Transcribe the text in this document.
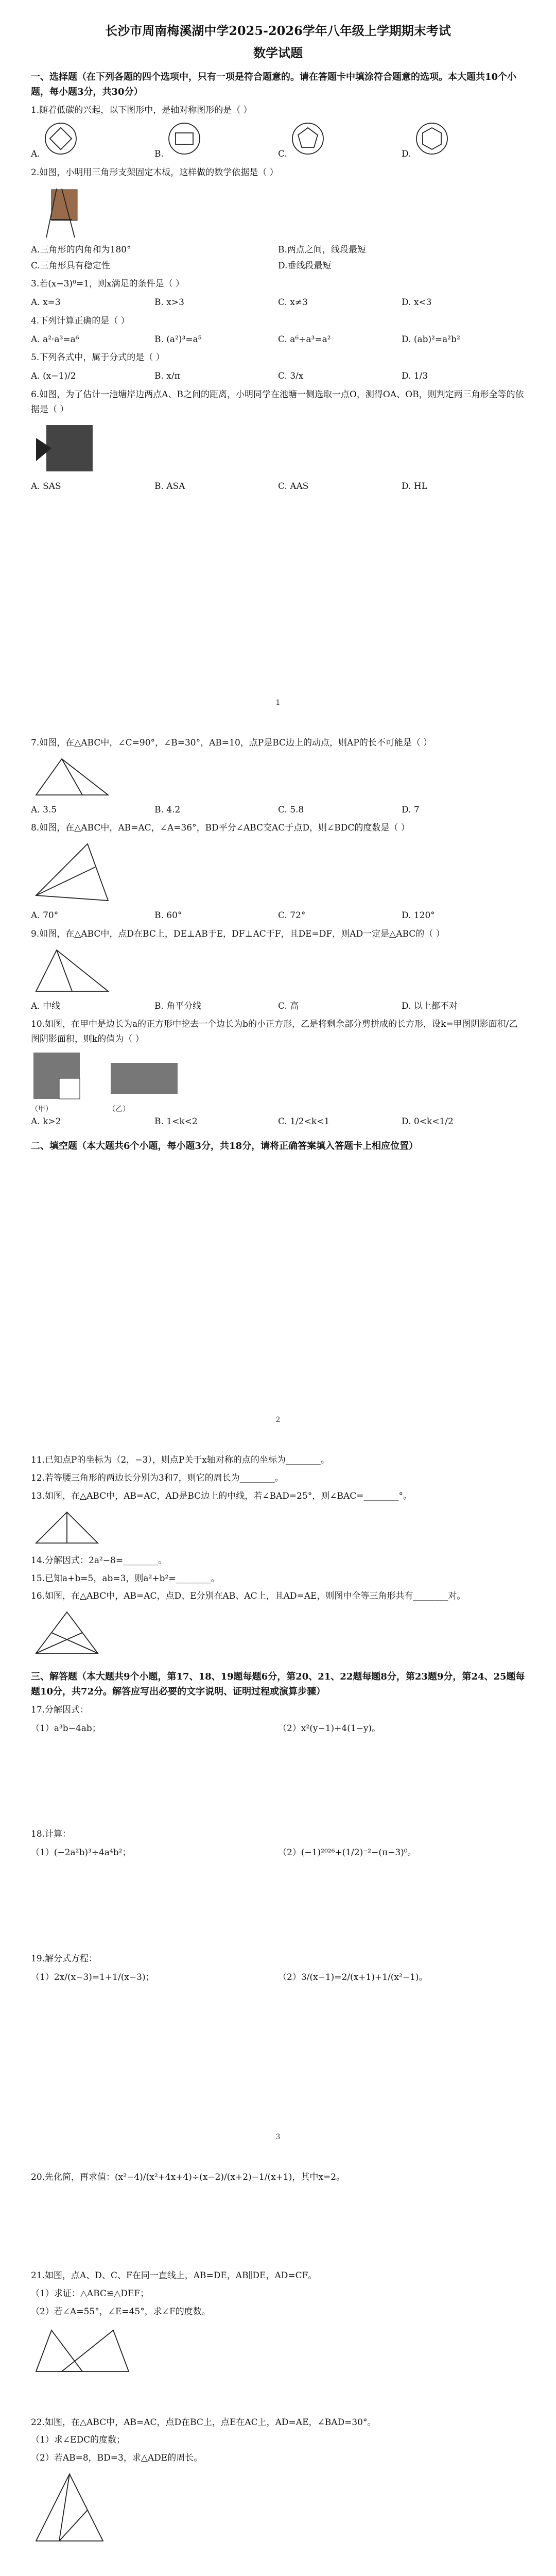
长沙市周南梅溪湖中学2025-2026学年八年级上学期期末考试
数学试题
一、选择题（在下列各题的四个选项中，只有一项是符合题意的。请在答题卡中填涂符合题意的选项。本大题共10个小题，每小题3分，共30分）
1.随着低碳的兴起，以下图形中，是轴对称图形的是（ ）
A.	B.	C.	D.
2.如图，小明用三角形支架固定木板，这样做的数学依据是（ ）
A.三角形的内角和为180°	B.两点之间，线段最短
C.三角形具有稳定性	D.垂线段最短
3.若(x−3)⁰=1，则x满足的条件是（ ）
A. x=3	B. x>3	C. x≠3	D. x<3
4.下列计算正确的是（ ）
A. a²·a³=a⁶	B. (a²)³=a⁵	C. a⁶÷a³=a²	D. (ab)²=a²b²
5.下列各式中，属于分式的是（ ）
A. (x−1)/2	B. x/π	C. 3/x	D. 1/3
6.如图，为了估计一池塘岸边两点A、B之间的距离，小明同学在池塘一侧选取一点O，测得OA、OB，则判定两三角形全等的依据是（ ）
A. SAS	B. ASA	C. AAS	D. HL
1
7.如图，在△ABC中，∠C=90°，∠B=30°，AB=10，点P是BC边上的动点，则AP的长不可能是（ ）
A. 3.5	B. 4.2	C. 5.8	D. 7
8.如图，在△ABC中，AB=AC，∠A=36°，BD平分∠ABC交AC于点D，则∠BDC的度数是（ ）
A. 70°	B. 60°	C. 72°	D. 120°
9.如图，在△ABC中，点D在BC上，DE⊥AB于E，DF⊥AC于F，且DE=DF，则AD一定是△ABC的（ ）
A. 中线	B. 角平分线	C. 高	D. 以上都不对
10.如图，在甲中是边长为a的正方形中挖去一个边长为b的小正方形，乙是将剩余部分剪拼成的长方形，设k=甲图阴影面积/乙图阴影面积，则k的值为（ ）
（甲）	（乙）
A. k>2	B. 1<k<2	C. 1/2<k<1	D. 0<k<1/2
二、填空题（本大题共6个小题，每小题3分，共18分，请将正确答案填入答题卡上相应位置）
2
11.已知点P的坐标为（2，−3），则点P关于x轴对称的点的坐标为________。
12.若等腰三角形的两边长分别为3和7，则它的周长为________。
13.如图，在△ABC中，AB=AC，AD是BC边上的中线，若∠BAD=25°，则∠BAC=________°。
14.分解因式：2a²−8=________。
15.已知a+b=5，ab=3，则a²+b²=________。
16.如图，在△ABC中，AB=AC，点D、E分别在AB、AC上，且AD=AE，则图中全等三角形共有________对。
三、解答题（本大题共9个小题，第17、18、19题每题6分，第20、21、22题每题8分，第23题9分，第24、25题每题10分，共72分。解答应写出必要的文字说明、证明过程或演算步骤）
17.分解因式：
（1）a³b−4ab；	（2）x²(y−1)+4(1−y)。
18.计算：
（1）(−2a²b)³÷4a⁴b²；	（2）(−1)²⁰²⁶+(1/2)⁻²−(π−3)⁰。
19.解分式方程：
（1）2x/(x−3)=1+1/(x−3)；	（2）3/(x−1)=2/(x+1)+1/(x²−1)。
3
20.先化简，再求值：(x²−4)/(x²+4x+4)÷(x−2)/(x+2)−1/(x+1)，其中x=2。
21.如图，点A、D、C、F在同一直线上，AB=DE，AB∥DE，AD=CF。
（1）求证：△ABC≌△DEF；
（2）若∠A=55°，∠E=45°，求∠F的度数。
22.如图，在△ABC中，AB=AC，点D在BC上，点E在AC上，AD=AE，∠BAD=30°。
（1）求∠EDC的度数；
（2）若AB=8，BD=3，求△ADE的周长。
